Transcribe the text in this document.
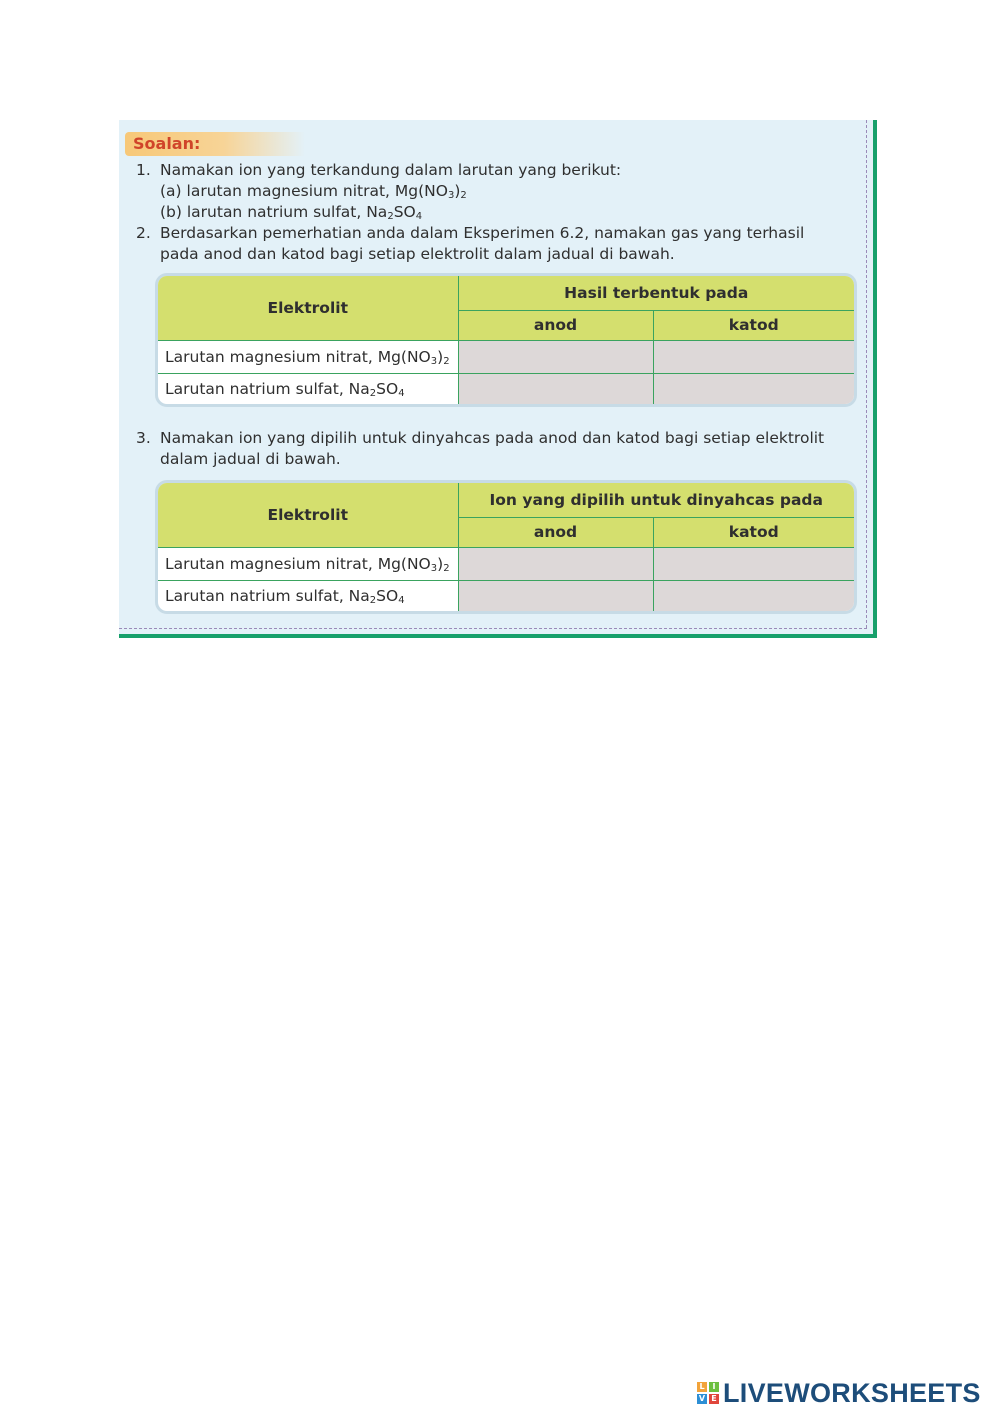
Soalan:
1. Namakan ion yang terkandung dalam larutan yang berikut:
(a) larutan magnesium nitrat, $Mg(NO_3)_2$
(b) larutan natrium sulfat, $Na_2SO_4$
2. Berdasarkan pemerhatian anda dalam Eksperimen 6.2, namakan gas yang terhasil pada anod dan katod bagi setiap elektrolit dalam jadual di bawah.
Elektrolit	Hasil terbentuk pada	
	anod	katod
Larutan magnesium nitrat, $Mg(NO_3)_2$		
Larutan natrium sulfat, $Na_2SO_4$		
3. Namakan ion yang dipilih untuk dinyahcas pada anod dan katod bagi setiap elektrolit dalam jadual di bawah.
Elektrolit	Ion yang dipilih untuk dinyahcas pada	
	anod	katod
Larutan magnesium nitrat, $Mg(NO_3)_2$		
Larutan natrium sulfat, $Na_2SO_4$		
L I
V E LIVEWORKSHEETS
